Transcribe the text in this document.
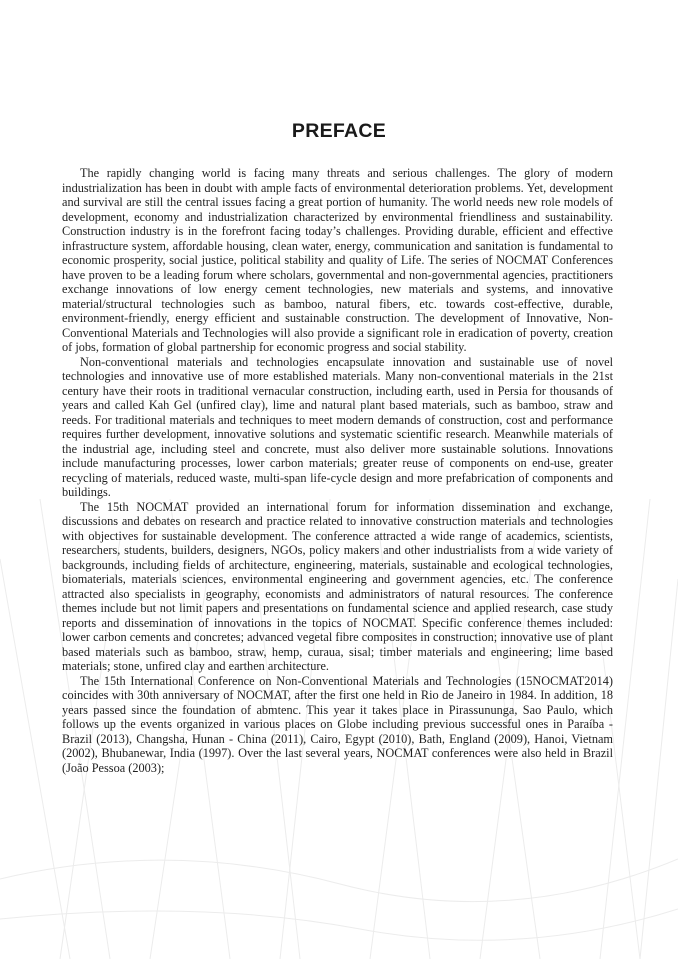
PREFACE

The rapidly changing world is facing many threats and serious challenges. The glory of modern industrialization has been in doubt with ample facts of environmental deterioration problems. Yet, development and survival are still the central issues facing a great portion of humanity. The world needs new role models of development, economy and industrialization characterized by environmental friendliness and sustainability. Construction industry is in the forefront facing today’s challenges. Providing durable, efficient and effective infrastructure system, affordable housing, clean water, energy, communication and sanitation is fundamental to economic prosperity, social justice, political stability and quality of Life. The series of NOCMAT Conferences have proven to be a leading forum where scholars, governmental and non-governmental agencies, practitioners exchange innovations of low energy cement technologies, new materials and systems, and innovative material/structural technologies such as bamboo, natural fibers, etc. towards cost-effective, durable, environment-friendly, energy efficient and sustainable construction. The development of Innovative, Non-Conventional Materials and Technologies will also provide a significant role in eradication of poverty, creation of jobs, formation of global partnership for economic progress and social stability.

Non-conventional materials and technologies encapsulate innovation and sustainable use of novel technologies and innovative use of more established materials. Many non-conventional materials in the 21st century have their roots in traditional vernacular construction, including earth, used in Persia for thousands of years and called Kah Gel (unfired clay), lime and natural plant based materials, such as bamboo, straw and reeds. For traditional materials and techniques to meet modern demands of construction, cost and performance requires further development, innovative solutions and systematic scientific research. Meanwhile materials of the industrial age, including steel and concrete, must also deliver more sustainable solutions. Innovations include manufacturing processes, lower carbon materials; greater reuse of components on end-use, greater recycling of materials, reduced waste, multi-span life-cycle design and more prefabrication of components and buildings.

The 15th NOCMAT provided an international forum for information dissemination and exchange, discussions and debates on research and practice related to innovative construction materials and technologies with objectives for sustainable development. The conference attracted a wide range of academics, scientists, researchers, students, builders, designers, NGOs, policy makers and other industrialists from a wide variety of backgrounds, including fields of architecture, engineering, materials, sustainable and ecological technologies, biomaterials, materials sciences, environmental engineering and government agencies, etc. The conference attracted also specialists in geography, economists and administrators of natural resources. The conference themes include but not limit papers and presentations on fundamental science and applied research, case study reports and dissemination of innovations in the topics of NOCMAT. Specific conference themes included: lower carbon cements and concretes; advanced vegetal fibre composites in construction; innovative use of plant based materials such as bamboo, straw, hemp, curaua, sisal; timber materials and engineering; lime based materials; stone, unfired clay and earthen architecture.

The 15th International Conference on Non-Conventional Materials and Technologies (15NOCMAT2014) coincides with 30th anniversary of NOCMAT, after the first one held in Rio de Janeiro in 1984. In addition, 18 years passed since the foundation of abmtenc. This year it takes place in Pirassununga, Sao Paulo, which follows up the events organized in various places on Globe including previous successful ones in Paraíba - Brazil (2013), Changsha, Hunan - China (2011), Cairo, Egypt (2010), Bath, England (2009), Hanoi, Vietnam (2002), Bhubanewar, India (1997). Over the last several years, NOCMAT conferences were also held in Brazil (João Pessoa (2003);
